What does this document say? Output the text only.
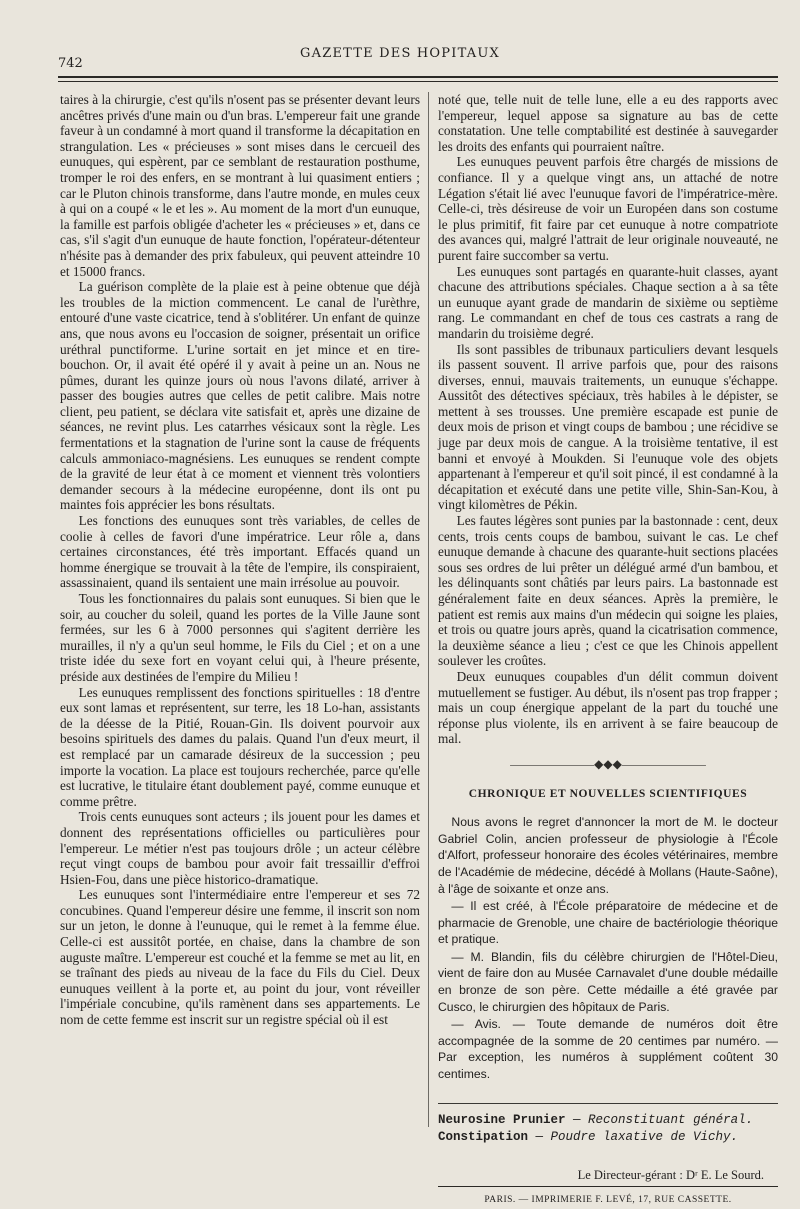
742
GAZETTE DES HOPITAUX

taires à la chirurgie, c'est qu'ils n'osent pas se présenter devant leurs ancêtres privés d'une main ou d'un bras. L'empereur fait une grande faveur à un condamné à mort quand il transforme la décapitation en strangulation. Les « précieuses » sont mises dans le cercueil des eunuques, qui espèrent, par ce semblant de restauration posthume, tromper le roi des enfers, en se montrant à lui quasiment entiers ; car le Pluton chinois transforme, dans l'autre monde, en mules ceux à qui on a coupé « le et les ». Au moment de la mort d'un eunuque, la famille est parfois obligée d'acheter les « précieuses » et, dans ce cas, s'il s'agit d'un eunuque de haute fonction, l'opérateur-détenteur n'hésite pas à demander des prix fabuleux, qui peuvent atteindre 10 et 15000 francs.

La guérison complète de la plaie est à peine obtenue que déjà les troubles de la miction commencent. Le canal de l'urèthre, entouré d'une vaste cicatrice, tend à s'oblitérer. Un enfant de quinze ans, que nous avons eu l'occasion de soigner, présentait un orifice uréthral punctiforme. L'urine sortait en jet mince et en tire-bouchon. Or, il avait été opéré il y avait à peine un an. Nous ne pûmes, durant les quinze jours où nous l'avons dilaté, arriver à passer des bougies autres que celles de petit calibre. Mais notre client, peu patient, se déclara vite satisfait et, après une dizaine de séances, ne revint plus. Les catarrhes vésicaux sont la règle. Les fermentations et la stagnation de l'urine sont la cause de fréquents calculs ammoniaco-magnésiens. Les eunuques se rendent compte de la gravité de leur état à ce moment et viennent très volontiers demander secours à la médecine européenne, dont ils ont pu maintes fois apprécier les bons résultats.

Les fonctions des eunuques sont très variables, de celles de coolie à celles de favori d'une impératrice. Leur rôle a, dans certaines circonstances, été très important. Effacés quand un homme énergique se trouvait à la tête de l'empire, ils conspiraient, assassinaient, quand ils sentaient une main irrésolue au pouvoir.

Tous les fonctionnaires du palais sont eunuques. Si bien que le soir, au coucher du soleil, quand les portes de la Ville Jaune sont fermées, sur les 6 à 7000 personnes qui s'agitent derrière les murailles, il n'y a qu'un seul homme, le Fils du Ciel ; et on a une triste idée du sexe fort en voyant celui qui, à l'heure présente, préside aux destinées de l'empire du Milieu !

Les eunuques remplissent des fonctions spirituelles : 18 d'entre eux sont lamas et représentent, sur terre, les 18 Lo-han, assistants de la déesse de la Pitié, Rouan-Gin. Ils doivent pourvoir aux besoins spirituels des dames du palais. Quand l'un d'eux meurt, il est remplacé par un camarade désireux de la succession ; peu importe la vocation. La place est toujours recherchée, parce qu'elle est lucrative, le titulaire étant doublement payé, comme eunuque et comme prêtre.

Trois cents eunuques sont acteurs ; ils jouent pour les dames et donnent des représentations officielles ou particulières pour l'empereur. Le métier n'est pas toujours drôle ; un acteur célèbre reçut vingt coups de bambou pour avoir fait tressaillir d'effroi Hsien-Fou, dans une pièce historico-dramatique.

Les eunuques sont l'intermédiaire entre l'empereur et ses 72 concubines. Quand l'empereur désire une femme, il inscrit son nom sur un jeton, le donne à l'eunuque, qui le remet à la femme élue. Celle-ci est aussitôt portée, en chaise, dans la chambre de son auguste maître. L'empereur est couché et la femme se met au lit, en se traînant des pieds au niveau de la face du Fils du Ciel. Deux eunuques veillent à la porte et, au point du jour, vont réveiller l'impériale concubine, qu'ils ramènent dans ses appartements. Le nom de cette femme est inscrit sur un registre spécial où il est

noté que, telle nuit de telle lune, elle a eu des rapports avec l'empereur, lequel appose sa signature au bas de cette constatation. Une telle comptabilité est destinée à sauvegarder les droits des enfants qui pourraient naître.

Les eunuques peuvent parfois être chargés de missions de confiance. Il y a quelque vingt ans, un attaché de notre Légation s'était lié avec l'eunuque favori de l'impératrice-mère. Celle-ci, très désireuse de voir un Européen dans son costume le plus primitif, fit faire par cet eunuque à notre compatriote des avances qui, malgré l'attrait de leur originale nouveauté, ne purent faire succomber sa vertu.

Les eunuques sont partagés en quarante-huit classes, ayant chacune des attributions spéciales. Chaque section a à sa tête un eunuque ayant grade de mandarin de sixième ou septième rang. Le commandant en chef de tous ces castrats a rang de mandarin du troisième degré.

Ils sont passibles de tribunaux particuliers devant lesquels ils passent souvent. Il arrive parfois que, pour des raisons diverses, ennui, mauvais traitements, un eunuque s'échappe. Aussitôt des détectives spéciaux, très habiles à le dépister, se mettent à ses trousses. Une première escapade est punie de deux mois de prison et vingt coups de bambou ; une récidive se juge par deux mois de cangue. A la troisième tentative, il est banni et envoyé à Moukden. Si l'eunuque vole des objets appartenant à l'empereur et qu'il soit pincé, il est condamné à la décapitation et exécuté dans une petite ville, Shin-San-Kou, à vingt kilomètres de Pékin.

Les fautes légères sont punies par la bastonnade : cent, deux cents, trois cents coups de bambou, suivant le cas. Le chef eunuque demande à chacune des quarante-huit sections placées sous ses ordres de lui prêter un délégué armé d'un bambou, et les délinquants sont châtiés par leurs pairs. La bastonnade est généralement faite en deux séances. Après la première, le patient est remis aux mains d'un médecin qui soigne les plaies, et trois ou quatre jours après, quand la cicatrisation commence, la deuxième séance a lieu ; c'est ce que les Chinois appellent soulever les croûtes.

Deux eunuques coupables d'un délit commun doivent mutuellement se fustiger. Au début, ils n'osent pas trop frapper ; mais un coup énergique appelant de la part du touché une réponse plus violente, ils en arrivent à se faire beaucoup de mal.

———————◆◆◆———————
CHRONIQUE ET NOUVELLES SCIENTIFIQUES

Nous avons le regret d'annoncer la mort de M. le docteur Gabriel Colin, ancien professeur de physiologie à l'École d'Alfort, professeur honoraire des écoles vétérinaires, membre de l'Académie de médecine, décédé à Mollans (Haute-Saône), à l'âge de soixante et onze ans.

— Il est créé, à l'École préparatoire de médecine et de pharmacie de Grenoble, une chaire de bactériologie théorique et pratique.

— M. Blandin, fils du célèbre chirurgien de l'Hôtel-Dieu, vient de faire don au Musée Carnavalet d'une double médaille en bronze de son père. Cette médaille a été gravée par Cusco, le chirurgien des hôpitaux de Paris.

— Avis. — Toute demande de numéros doit être accompagnée de la somme de 20 centimes par numéro. — Par exception, les numéros à supplément coûtent 30 centimes.

Neurosine Prunier — Reconstituant général.
Constipation — Poudre laxative de Vichy.
Le Directeur-gérant : Dʳ E. Le Sourd.
PARIS. — IMPRIMERIE F. LEVÉ, 17, RUE CASSETTE.
